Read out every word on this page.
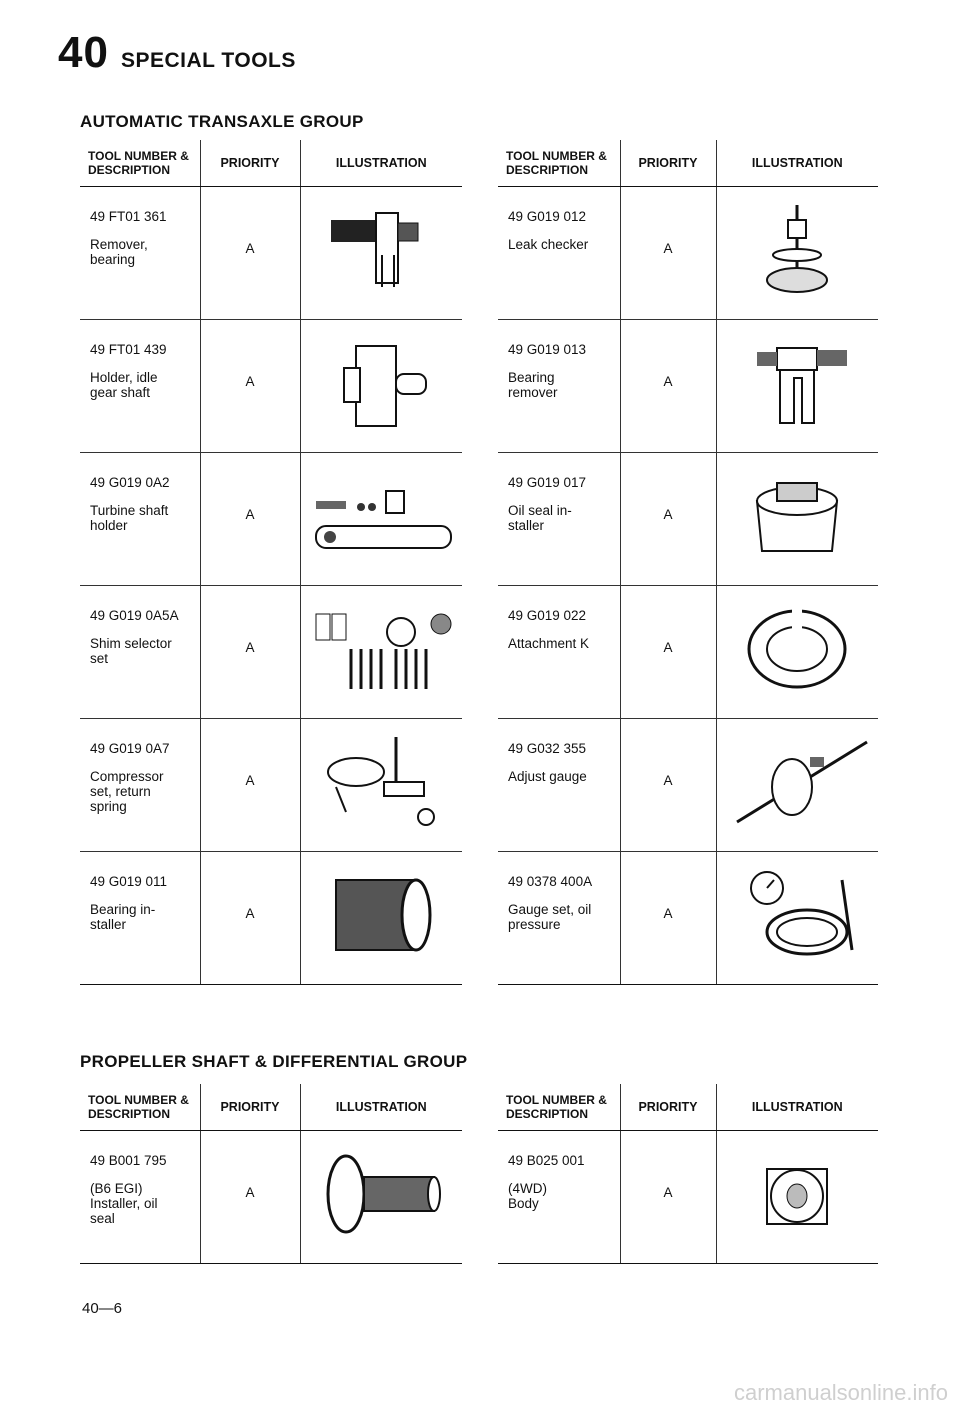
40 SPECIAL TOOLS
AUTOMATIC TRANSAXLE GROUP
TOOL NUMBER & DESCRIPTION	PRIORITY	ILLUSTRATION

49 FT01 361
Remover,
bearing	A

49 FT01 439
Holder, idle
gear shaft	A

49 G019 0A2
Turbine shaft
holder	A

49 G019 0A5A
Shim selector
set	A

49 G019 0A7
Compressor
set, return
spring	A

49 G019 011
Bearing in-
staller	A

TOOL NUMBER & DESCRIPTION	PRIORITY	ILLUSTRATION

49 G019 012
Leak checker	A

49 G019 013
Bearing
remover	A

49 G019 017
Oil seal in-
staller	A

49 G019 022
Attachment K	A

49 G032 355
Adjust gauge	A

49 0378 400A
Gauge set, oil
pressure	A

PROPELLER SHAFT & DIFFERENTIAL GROUP
TOOL NUMBER & DESCRIPTION	PRIORITY	ILLUSTRATION

49 B001 795
(B6 EGI)
Installer, oil
seal	A

TOOL NUMBER & DESCRIPTION	PRIORITY	ILLUSTRATION

49 B025 001
(4WD)
Body	A

40—6
carmanualsonline.info
